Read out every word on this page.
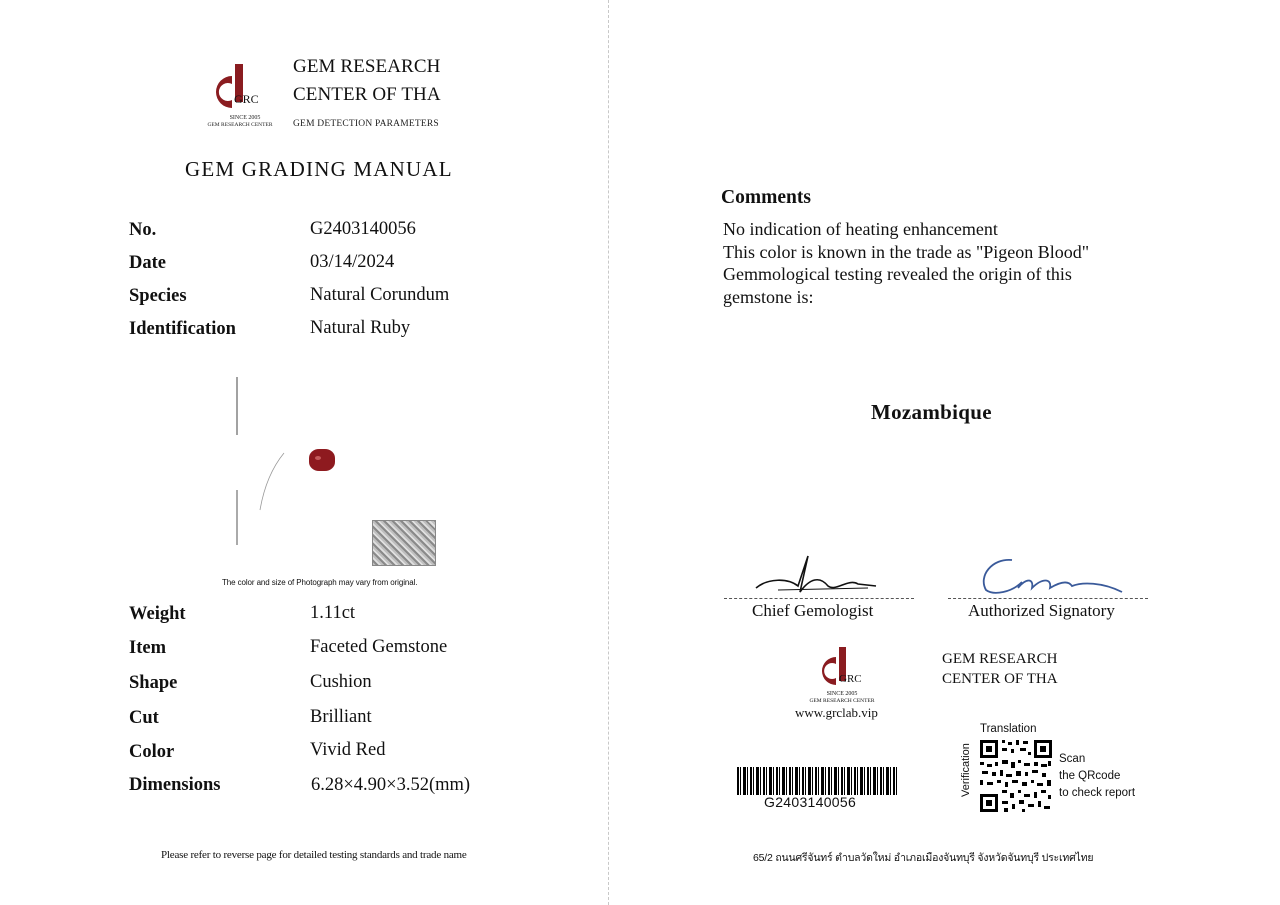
GRC
SINCE 2005
GEM RESEARCH CENTER
GEM RESEARCH
CENTER OF THA
GEM DETECTION PARAMETERS
GEM GRADING MANUAL
No.	G2403140056
Date	03/14/2024
Species	Natural Corundum
Identification	Natural Ruby
The color and size of Photograph may vary from original.
Weight	1.11ct
Item	Faceted Gemstone
Shape	Cushion
Cut	Brilliant
Color	Vivid Red
Dimensions	6.28×4.90×3.52(mm)
Please refer to reverse page for detailed testing standards and trade name
Comments
No indication of heating enhancement
This color is known in the trade as "Pigeon Blood"
Gemmological testing revealed the origin of this
gemstone is:
Mozambique
Chief Gemologist	Authorized Signatory
GRC
SINCE 2005
GEM RESEARCH CENTER
www.grclab.vip
GEM RESEARCH
CENTER OF THA
G2403140056
Translation
Verification	Scan
the QRcode
to check report
65/2 ถนนศรีจันทร์ ตำบลวัดใหม่ อำเภอเมืองจันทบุรี จังหวัดจันทบุรี ประเทศไทย
